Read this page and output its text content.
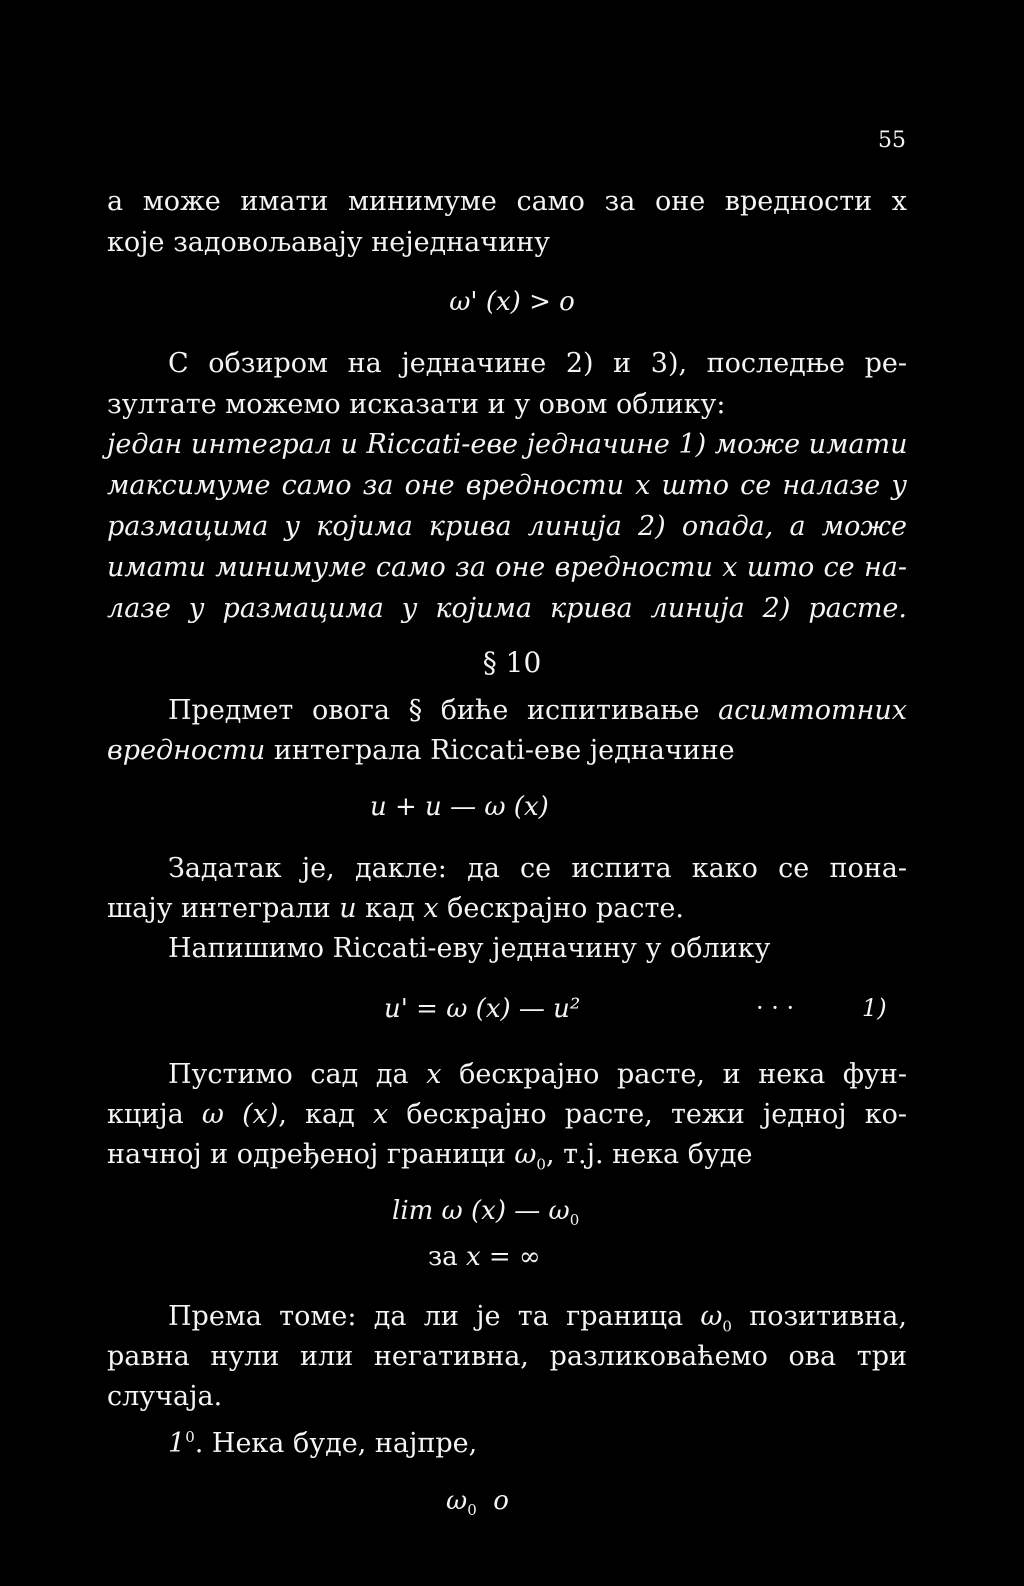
55
а може имати минимуме само за оне вредности x
које задовољавају неједначину
ω' (x) > o
С обзиром на једначине 2) и 3), последње ре-
зултате можемо исказати и у овом облику:
један интеграл u Riccati-еве једначине 1) може имати
максимуме само за оне вредности x што се налазе у
размацима у којима крива линија 2) опада, а може
имати минимуме само за оне вредности x што се на-
лазе у размацима у којима крива линија 2) расте.
§ 10
Предмет овога § биће испитивање асимтотних
вредности интеграла Riccati-еве једначине
u + u — ω (x)
Задатак је, дакле: да се испита како се пона-
шају интеграли u кад x бескрајно расте.
Напишимо Riccati-еву једначину у облику
u' = ω (x) — u²	· · ·	1)
Пустимо сад да x бескрајно расте, и нека фун-
кција ω (x), кад x бескрајно расте, тежи једној ко-
начној и одређеној граници $\omega_0$, т.ј. нека буде
lim ω (x) — $\omega_0$
за x = ∞
Према томе: да ли је та граница $\omega_0$ позитивна,
равна нули или негативна, разликоваћемо ова три
случаја.
$1^0$. Нека буде, најпре,
$\omega_0$  o
